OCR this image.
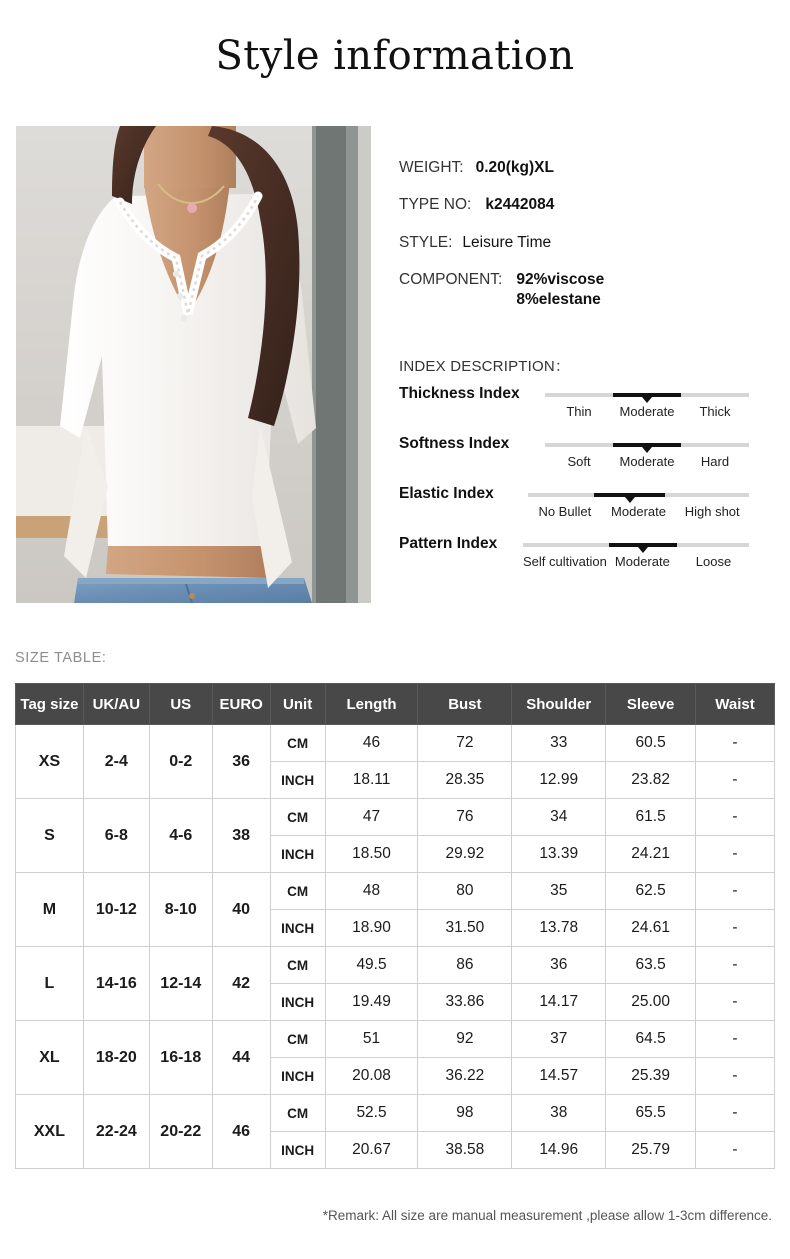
Style information
WEIGHT: 0.20(kg)XL
TYPE NO: k2442084
STYLE: Leisure Time
COMPONENT: 92%viscose
8%elestane
INDEX DESCRIPTION：
Thickness Index
Thin	Moderate	Thick
Softness Index
Soft	Moderate	Hard
Elastic Index
No Bullet	Moderate	High shot
Pattern Index
Self cultivation Moderate	Loose
SIZE TABLE:
Tag size	UK/AU	US	EURO	Unit	Length	Bust	Shoulder	Sleeve	Waist
XS	2-4	0-2	36	CM	46	72	33	60.5	-
				INCH	18.11	28.35	12.99	23.82	-
S	6-8	4-6	38	CM	47	76	34	61.5	-
				INCH	18.50	29.92	13.39	24.21	-
M	10-12	8-10	40	CM	48	80	35	62.5	-
				INCH	18.90	31.50	13.78	24.61	-
L	14-16	12-14	42	CM	49.5	86	36	63.5	-
				INCH	19.49	33.86	14.17	25.00	-
XL	18-20	16-18	44	CM	51	92	37	64.5	-
				INCH	20.08	36.22	14.57	25.39	-
XXL	22-24	20-22	46	CM	52.5	98	38	65.5	-
				INCH	20.67	38.58	14.96	25.79	-
*Remark: All size are manual measurement ,please allow 1-3cm difference.
